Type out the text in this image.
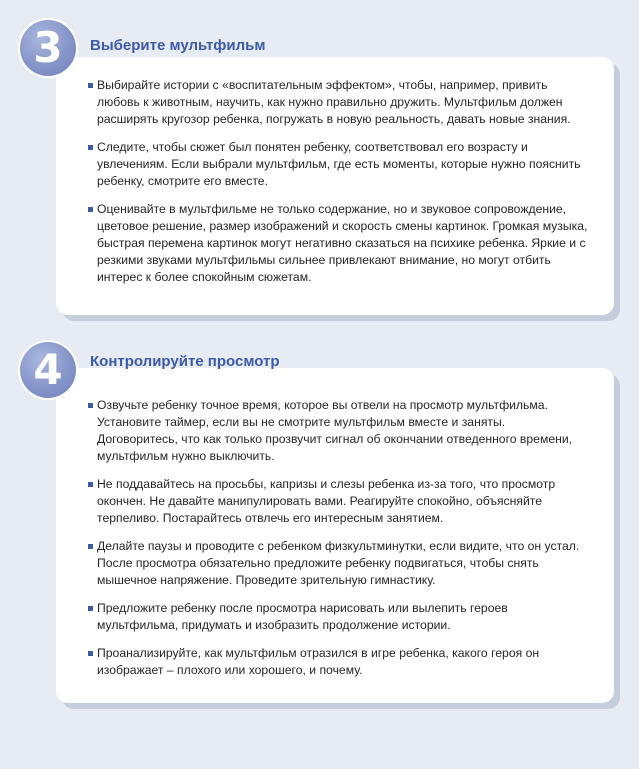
3	Выберите мультфильм
Выбирайте истории с «воспитательным эффектом», чтобы, например, привить любовь к животным, научить, как нужно правильно дружить. Мультфильм должен расширять кругозор ребенка, погружать в новую реальность, давать новые знания.
Следите, чтобы сюжет был понятен ребенку, соответствовал его возрасту и увлечениям. Если выбрали мультфильм, где есть моменты, которые нужно пояснить ребенку, смотрите его вместе.
Оценивайте в мультфильме не только содержание, но и звуковое сопровождение, цветовое решение, размер изображений и скорость смены картинок. Громкая музыка, быстрая перемена картинок могут негативно сказаться на психике ребенка. Яркие и с резкими звуками мультфильмы сильнее привлекают внимание, но могут отбить интерес к более спокойным сюжетам.
4	Контролируйте просмотр
Озвучьте ребенку точное время, которое вы отвели на просмотр мультфильма. Установите таймер, если вы не смотрите мультфильм вместе и заняты. Договоритесь, что как только прозвучит сигнал об окончании отведенного времени, мультфильм нужно выключить.
Не поддавайтесь на просьбы, капризы и слезы ребенка из-за того, что просмотр окончен. Не давайте манипулировать вами. Реагируйте спокойно, объясняйте терпеливо. Постарайтесь отвлечь его интересным занятием.
Делайте паузы и проводите с ребенком физкультминутки, если видите, что он устал. После просмотра обязательно предложите ребенку подвигаться, чтобы снять мышечное напряжение. Проведите зрительную гимнастику.
Предложите ребенку после просмотра нарисовать или вылепить героев мультфильма, придумать и изобразить продолжение истории.
Проанализируйте, как мультфильм отразился в игре ребенка, какого героя он изображает – плохого или хорошего, и почему.
